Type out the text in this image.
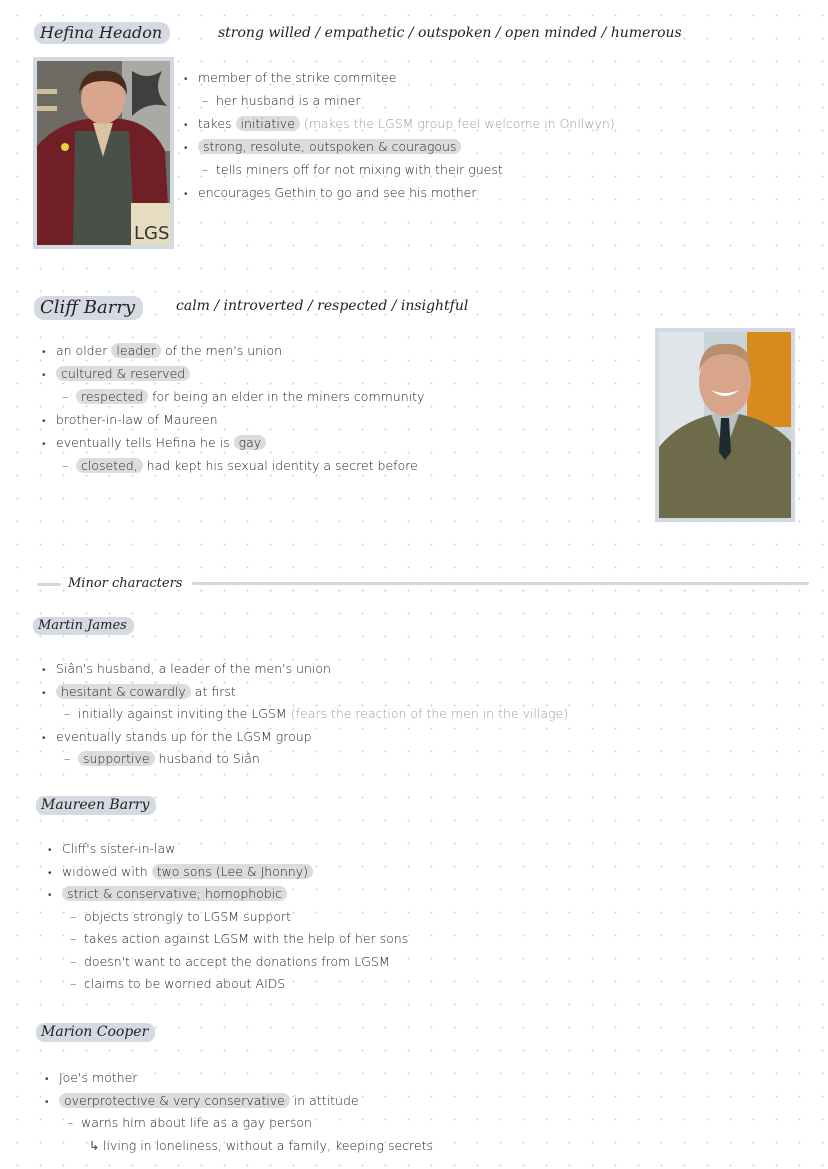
Hefina Headon	strong willed / empathetic / outspoken / open minded / humerous
LGS
• member of the strike commitee
– her husband is a miner
• takes initiative (makes the LGSM group feel welcome in Onllwyn)
• strong, resolute, outspoken & couragous
– tells miners off for not mixing with their guest
• encourages Gethin to go and see his mother
Cliff Barry	calm / introverted / respected / insightful
• an older leader of the men's union
• cultured & reserved
– respected for being an elder in the miners community
• brother-in-law of Maureen
• eventually tells Hefina he is gay
– closeted, had kept his sexual identity a secret before
Minor characters
Martin James
• Siân's husband, a leader of the men's union
• hesitant & cowardly at first
– initially against inviting the LGSM (fears the reaction of the men in the village)
• eventually stands up for the LGSM group
– supportive husband to Siân
Maureen Barry
• Cliff's sister-in-law
• widowed with two sons (Lee & Jhonny)
• strict & conservative; homophobic
– objects strongly to LGSM support
– takes action against LGSM with the help of her sons
– doesn't want to accept the donations from LGSM
– claims to be worried about AIDS
Marion Cooper
• Joe's mother
• overprotective & very conservative in attitude
– warns him about life as a gay person
↳ living in loneliness, without a family, keeping secrets
